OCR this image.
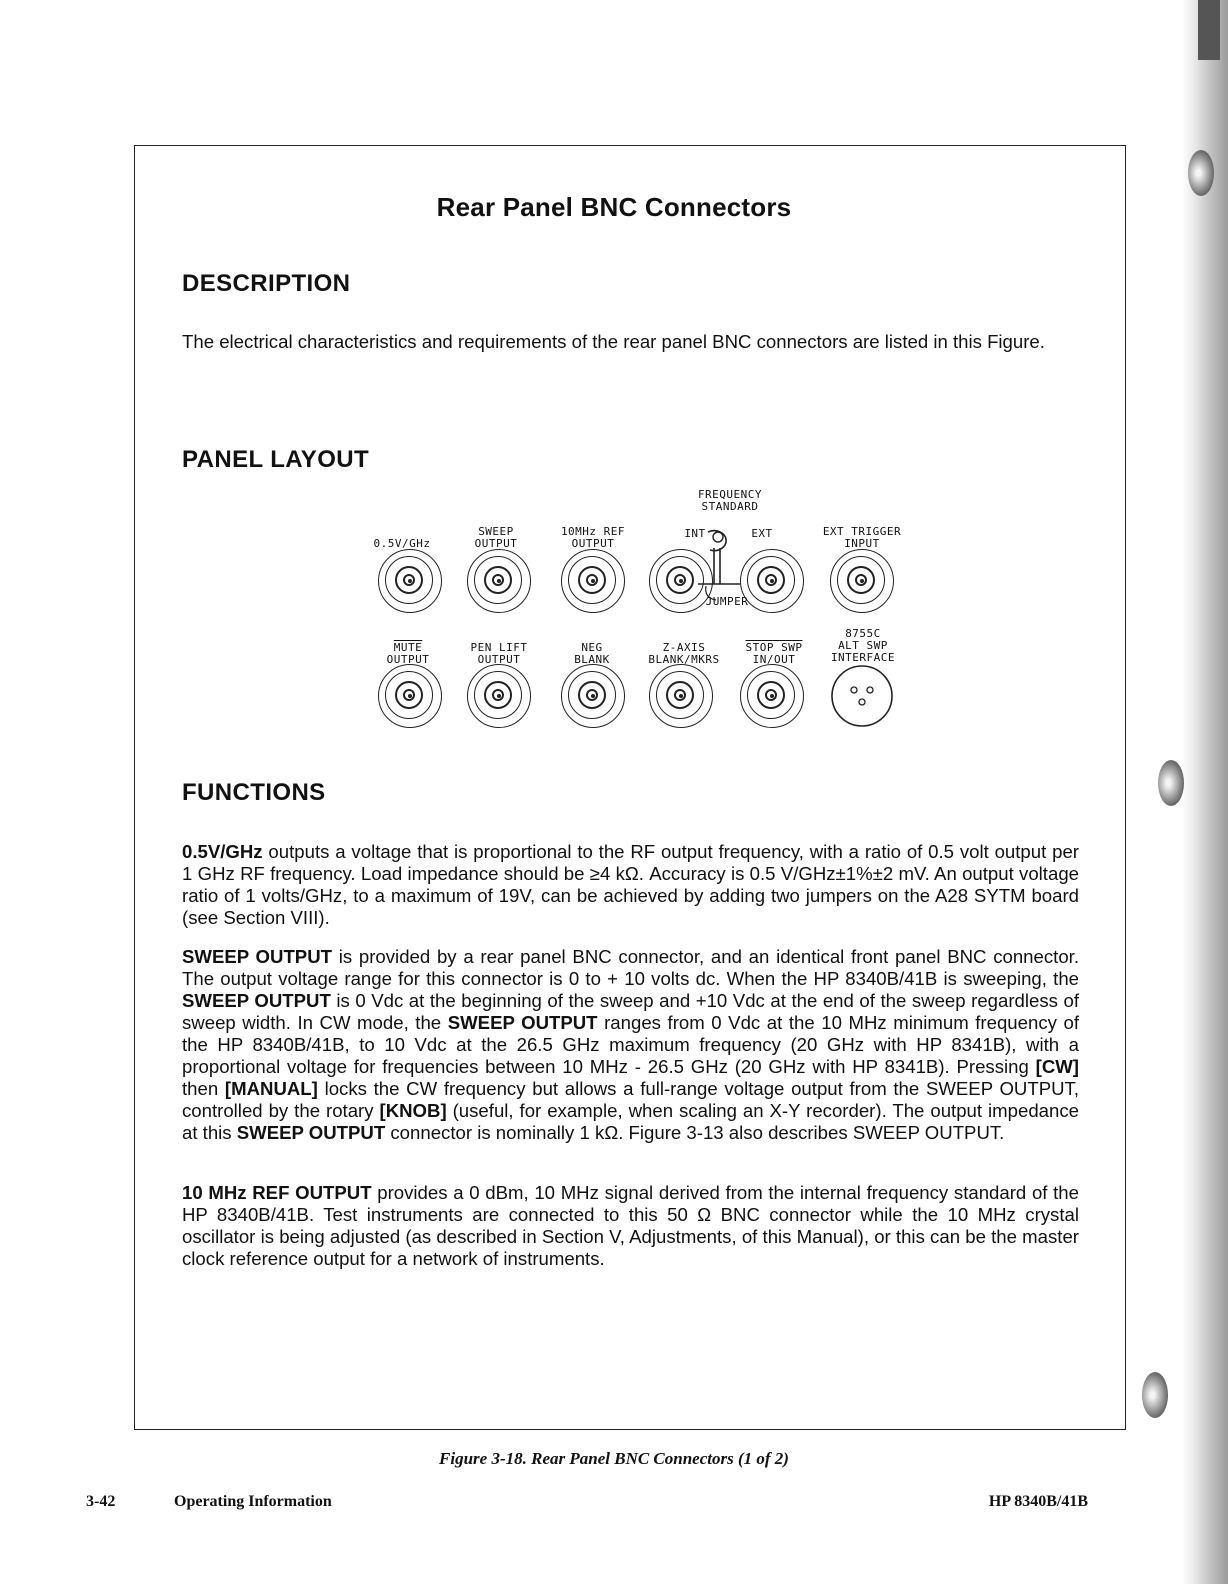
Rear Panel BNC Connectors
DESCRIPTION

The electrical characteristics and requirements of the rear panel BNC connectors are listed in this Figure.

PANEL LAYOUT
0.5V/GHz
SWEEP
OUTPUT
10MHz REF
OUTPUT
FREQUENCY
STANDARD
INT	EXT	EXT TRIGGER
INPUT
JUMPER
MUTE
OUTPUT
PEN LIFT
OUTPUT
NEG
BLANK
Z-AXIS
BLANK/MKRS
STOP SWP
IN/OUT
8755C
ALT SWP
INTERFACE
FUNCTIONS

0.5V/GHz outputs a voltage that is proportional to the RF output frequency, with a ratio of 0.5 volt output per 1 GHz RF frequency. Load impedance should be ≥4 kΩ. Accuracy is 0.5 V/GHz±1%±2 mV. An output voltage ratio of 1 volts/GHz, to a maximum of 19V, can be achieved by adding two jumpers on the A28 SYTM board (see Section VIII).

SWEEP OUTPUT is provided by a rear panel BNC connector, and an identical front panel BNC connector. The output voltage range for this connector is 0 to + 10 volts dc. When the HP 8340B/41B is sweeping, the SWEEP OUTPUT is 0 Vdc at the beginning of the sweep and +10 Vdc at the end of the sweep regardless of sweep width. In CW mode, the SWEEP OUTPUT ranges from 0 Vdc at the 10 MHz minimum frequency of the HP 8340B/41B, to 10 Vdc at the 26.5 GHz maximum frequency (20 GHz with HP 8341B), with a proportional voltage for frequencies between 10 MHz - 26.5 GHz (20 GHz with HP 8341B). Pressing [CW] then [MANUAL] locks the CW frequency but allows a full-range voltage output from the SWEEP OUTPUT, controlled by the rotary [KNOB] (useful, for example, when scaling an X-Y recorder). The output impedance at this SWEEP OUTPUT connector is nominally 1 kΩ. Figure 3-13 also describes SWEEP OUTPUT.

10 MHz REF OUTPUT provides a 0 dBm, 10 MHz signal derived from the internal frequency standard of the HP 8340B/41B. Test instruments are connected to this 50 Ω BNC connector while the 10 MHz crystal oscillator is being adjusted (as described in Section V, Adjustments, of this Manual), or this can be the master clock reference output for a network of instruments.

Figure 3-18. Rear Panel BNC Connectors (1 of 2)
3-42	Operating Information	HP 8340B/41B
